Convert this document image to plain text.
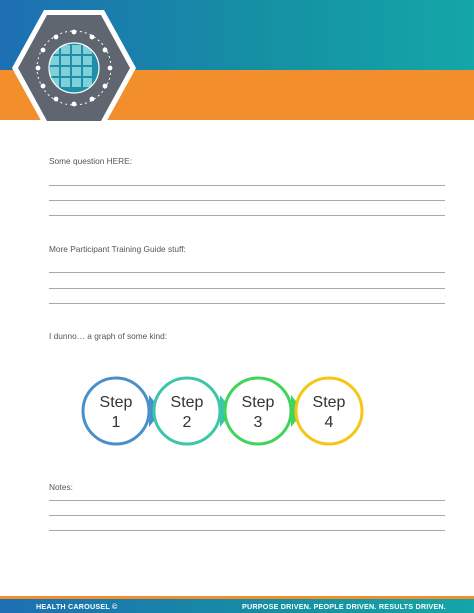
Some question HERE:
More Participant Training Guide stuff:
I dunno… a graph of some kind:
Step
1
Step
2
Step
3
Step
4
Notes:
HEALTH CAROUSEL ©	PURPOSE DRIVEN. PEOPLE DRIVEN. RESULTS DRIVEN.
